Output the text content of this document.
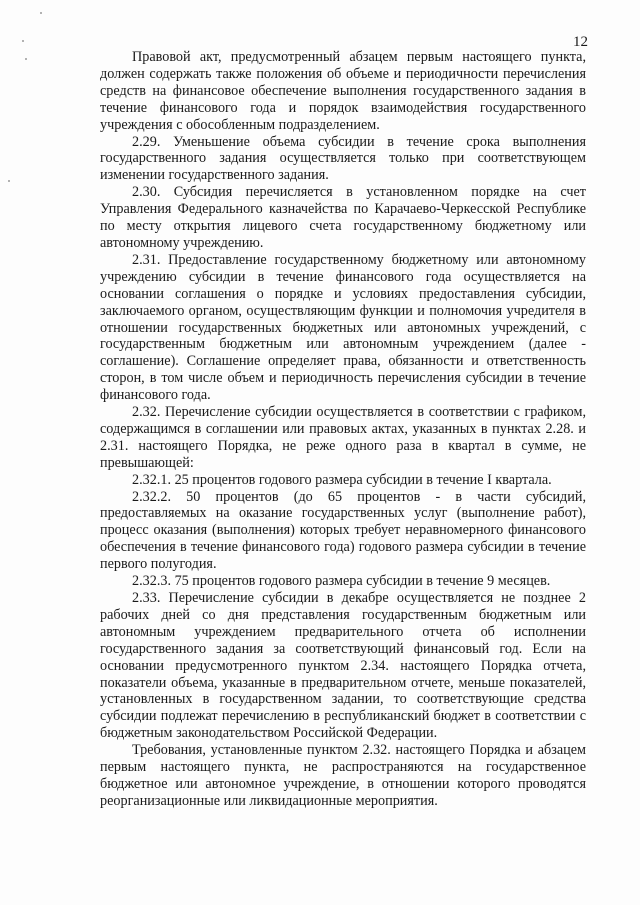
12

Правовой акт, предусмотренный абзацем первым настоящего пункта, должен содержать также положения об объеме и периодичности перечисления средств на финансовое обеспечение выполнения государственного задания в течение финансового года и порядок взаимодействия государственного учреждения с обособленным подразделением.

2.29. Уменьшение объема субсидии в течение срока выполнения государственного задания осуществляется только при соответствующем изменении государственного задания.

2.30. Субсидия перечисляется в установленном порядке на счет Управления Федерального казначейства по Карачаево-Черкесской Республике по месту открытия лицевого счета государственному бюджетному или автономному учреждению.

2.31. Предоставление государственному бюджетному или автономному учреждению субсидии в течение финансового года осуществляется на основании соглашения о порядке и условиях предоставления субсидии, заключаемого органом, осуществляющим функции и полномочия учредителя в отношении государственных бюджетных или автономных учреждений, с государственным бюджетным или автономным учреждением (далее - соглашение). Соглашение определяет права, обязанности и ответственность сторон, в том числе объем и периодичность перечисления субсидии в течение финансового года.

2.32. Перечисление субсидии осуществляется в соответствии с графиком, содержащимся в соглашении или правовых актах, указанных в пунктах 2.28. и 2.31. настоящего Порядка, не реже одного раза в квартал в сумме, не превышающей:

2.32.1. 25 процентов годового размера субсидии в течение I квартала.

2.32.2. 50 процентов (до 65 процентов - в части субсидий, предоставляемых на оказание государственных услуг (выполнение работ), процесс оказания (выполнения) которых требует неравномерного финансового обеспечения в течение финансового года) годового размера субсидии в течение первого полугодия.

2.32.3. 75 процентов годового размера субсидии в течение 9 месяцев.

2.33. Перечисление субсидии в декабре осуществляется не позднее 2 рабочих дней со дня представления государственным бюджетным или автономным учреждением предварительного отчета об исполнении государственного задания за соответствующий финансовый год. Если на основании предусмотренного пунктом 2.34. настоящего Порядка отчета, показатели объема, указанные в предварительном отчете, меньше показателей, установленных в государственном задании, то соответствующие средства субсидии подлежат перечислению в республиканский бюджет в соответствии с бюджетным законодательством Российской Федерации.

Требования, установленные пунктом 2.32. настоящего Порядка и абзацем первым настоящего пункта, не распространяются на государственное бюджетное или автономное учреждение, в отношении которого проводятся реорганизационные или ликвидационные мероприятия.
